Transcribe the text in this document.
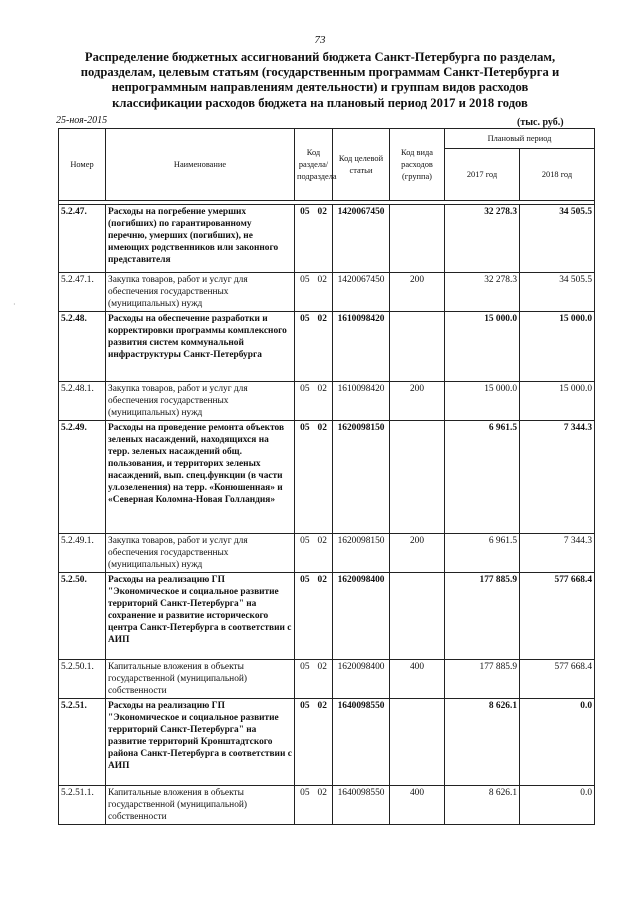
73
Распределение бюджетных ассигнований бюджета Санкт-Петербурга по разделам, подразделам, целевым статьям (государственным программам Санкт-Петербурга и непрограммным направлениям деятельности) и группам видов расходов классификации расходов бюджета на плановый период 2017 и 2018 годов
25-ноя-2015	(тыс. руб.)
Номер	Наименование	Код раздела/ подраздела	Код целевой статьи	Код вида расходов (группа)	Плановый период	
					2017 год	2018 год

5.2.47.	Расходы на погребение умерших (погибших) по гарантированному перечню, умерших (погибших), не имеющих родственников или законного представителя	05 02	1420067450		32 278.3	34 505.5
5.2.47.1.	Закупка товаров, работ и услуг для обеспечения государственных (муниципальных) нужд	05 02	1420067450	200	32 278.3	34 505.5
5.2.48.	Расходы на обеспечение разработки и корректировки программы комплексного развития систем коммунальной инфраструктуры Санкт-Петербурга	05 02	1610098420		15 000.0	15 000.0
5.2.48.1.	Закупка товаров, работ и услуг для обеспечения государственных (муниципальных) нужд	05 02	1610098420	200	15 000.0	15 000.0
5.2.49.	Расходы на проведение ремонта объектов зеленых насаждений, находящихся на терр. зеленых насаждений общ. пользования, и территорих зеленых насаждений, вып. спец.функции (в части ул.озеленения) на терр. «Конюшенная» и «Северная Коломна-Новая Голландия»	05 02	1620098150		6 961.5	7 344.3
5.2.49.1.	Закупка товаров, работ и услуг для обеспечения государственных (муниципальных) нужд	05 02	1620098150	200	6 961.5	7 344.3
5.2.50.	Расходы на реализацию ГП "Экономическое и социальное развитие территорий Санкт-Петербурга" на сохранение и развитие исторического центра Санкт-Петербурга в соответствии с АИП	05 02	1620098400		177 885.9	577 668.4
5.2.50.1.	Капитальные вложения в объекты государственной (муниципальной) собственности	05 02	1620098400	400	177 885.9	577 668.4
5.2.51.	Расходы на реализацию ГП "Экономическое и социальное развитие территорий Санкт-Петербурга" на развитие территорий Кронштадтского района Санкт-Петербурга в соответствии с АИП	05 02	1640098550		8 626.1	0.0
5.2.51.1.	Капитальные вложения в объекты государственной (муниципальной) собственности	05 02	1640098550	400	8 626.1	0.0
·
